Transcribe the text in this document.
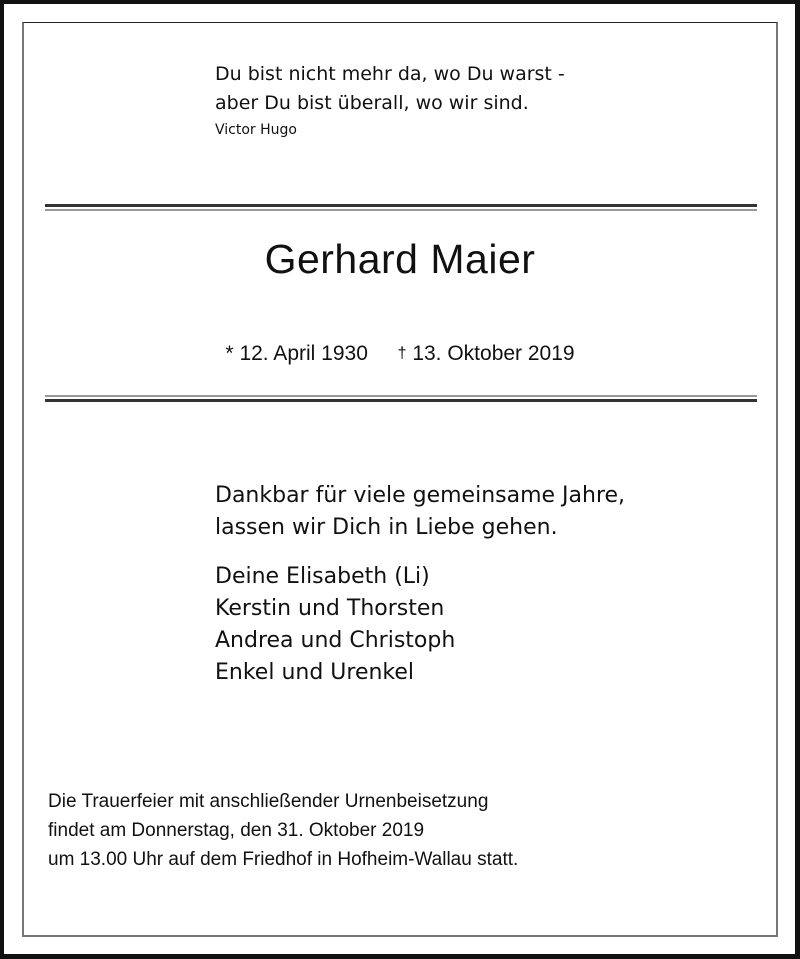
Du bist nicht mehr da, wo Du warst -
aber Du bist überall, wo wir sind.
Victor Hugo
Gerhard Maier
* 12. April 1930 † 13. Oktober 2019
Dankbar für viele gemeinsame Jahre,
lassen wir Dich in Liebe gehen.
Deine Elisabeth (Li)
Kerstin und Thorsten
Andrea und Christoph
Enkel und Urenkel
Die Trauerfeier mit anschließender Urnenbeisetzung
findet am Donnerstag, den 31. Oktober 2019
um 13.00 Uhr auf dem Friedhof in Hofheim-Wallau statt.
